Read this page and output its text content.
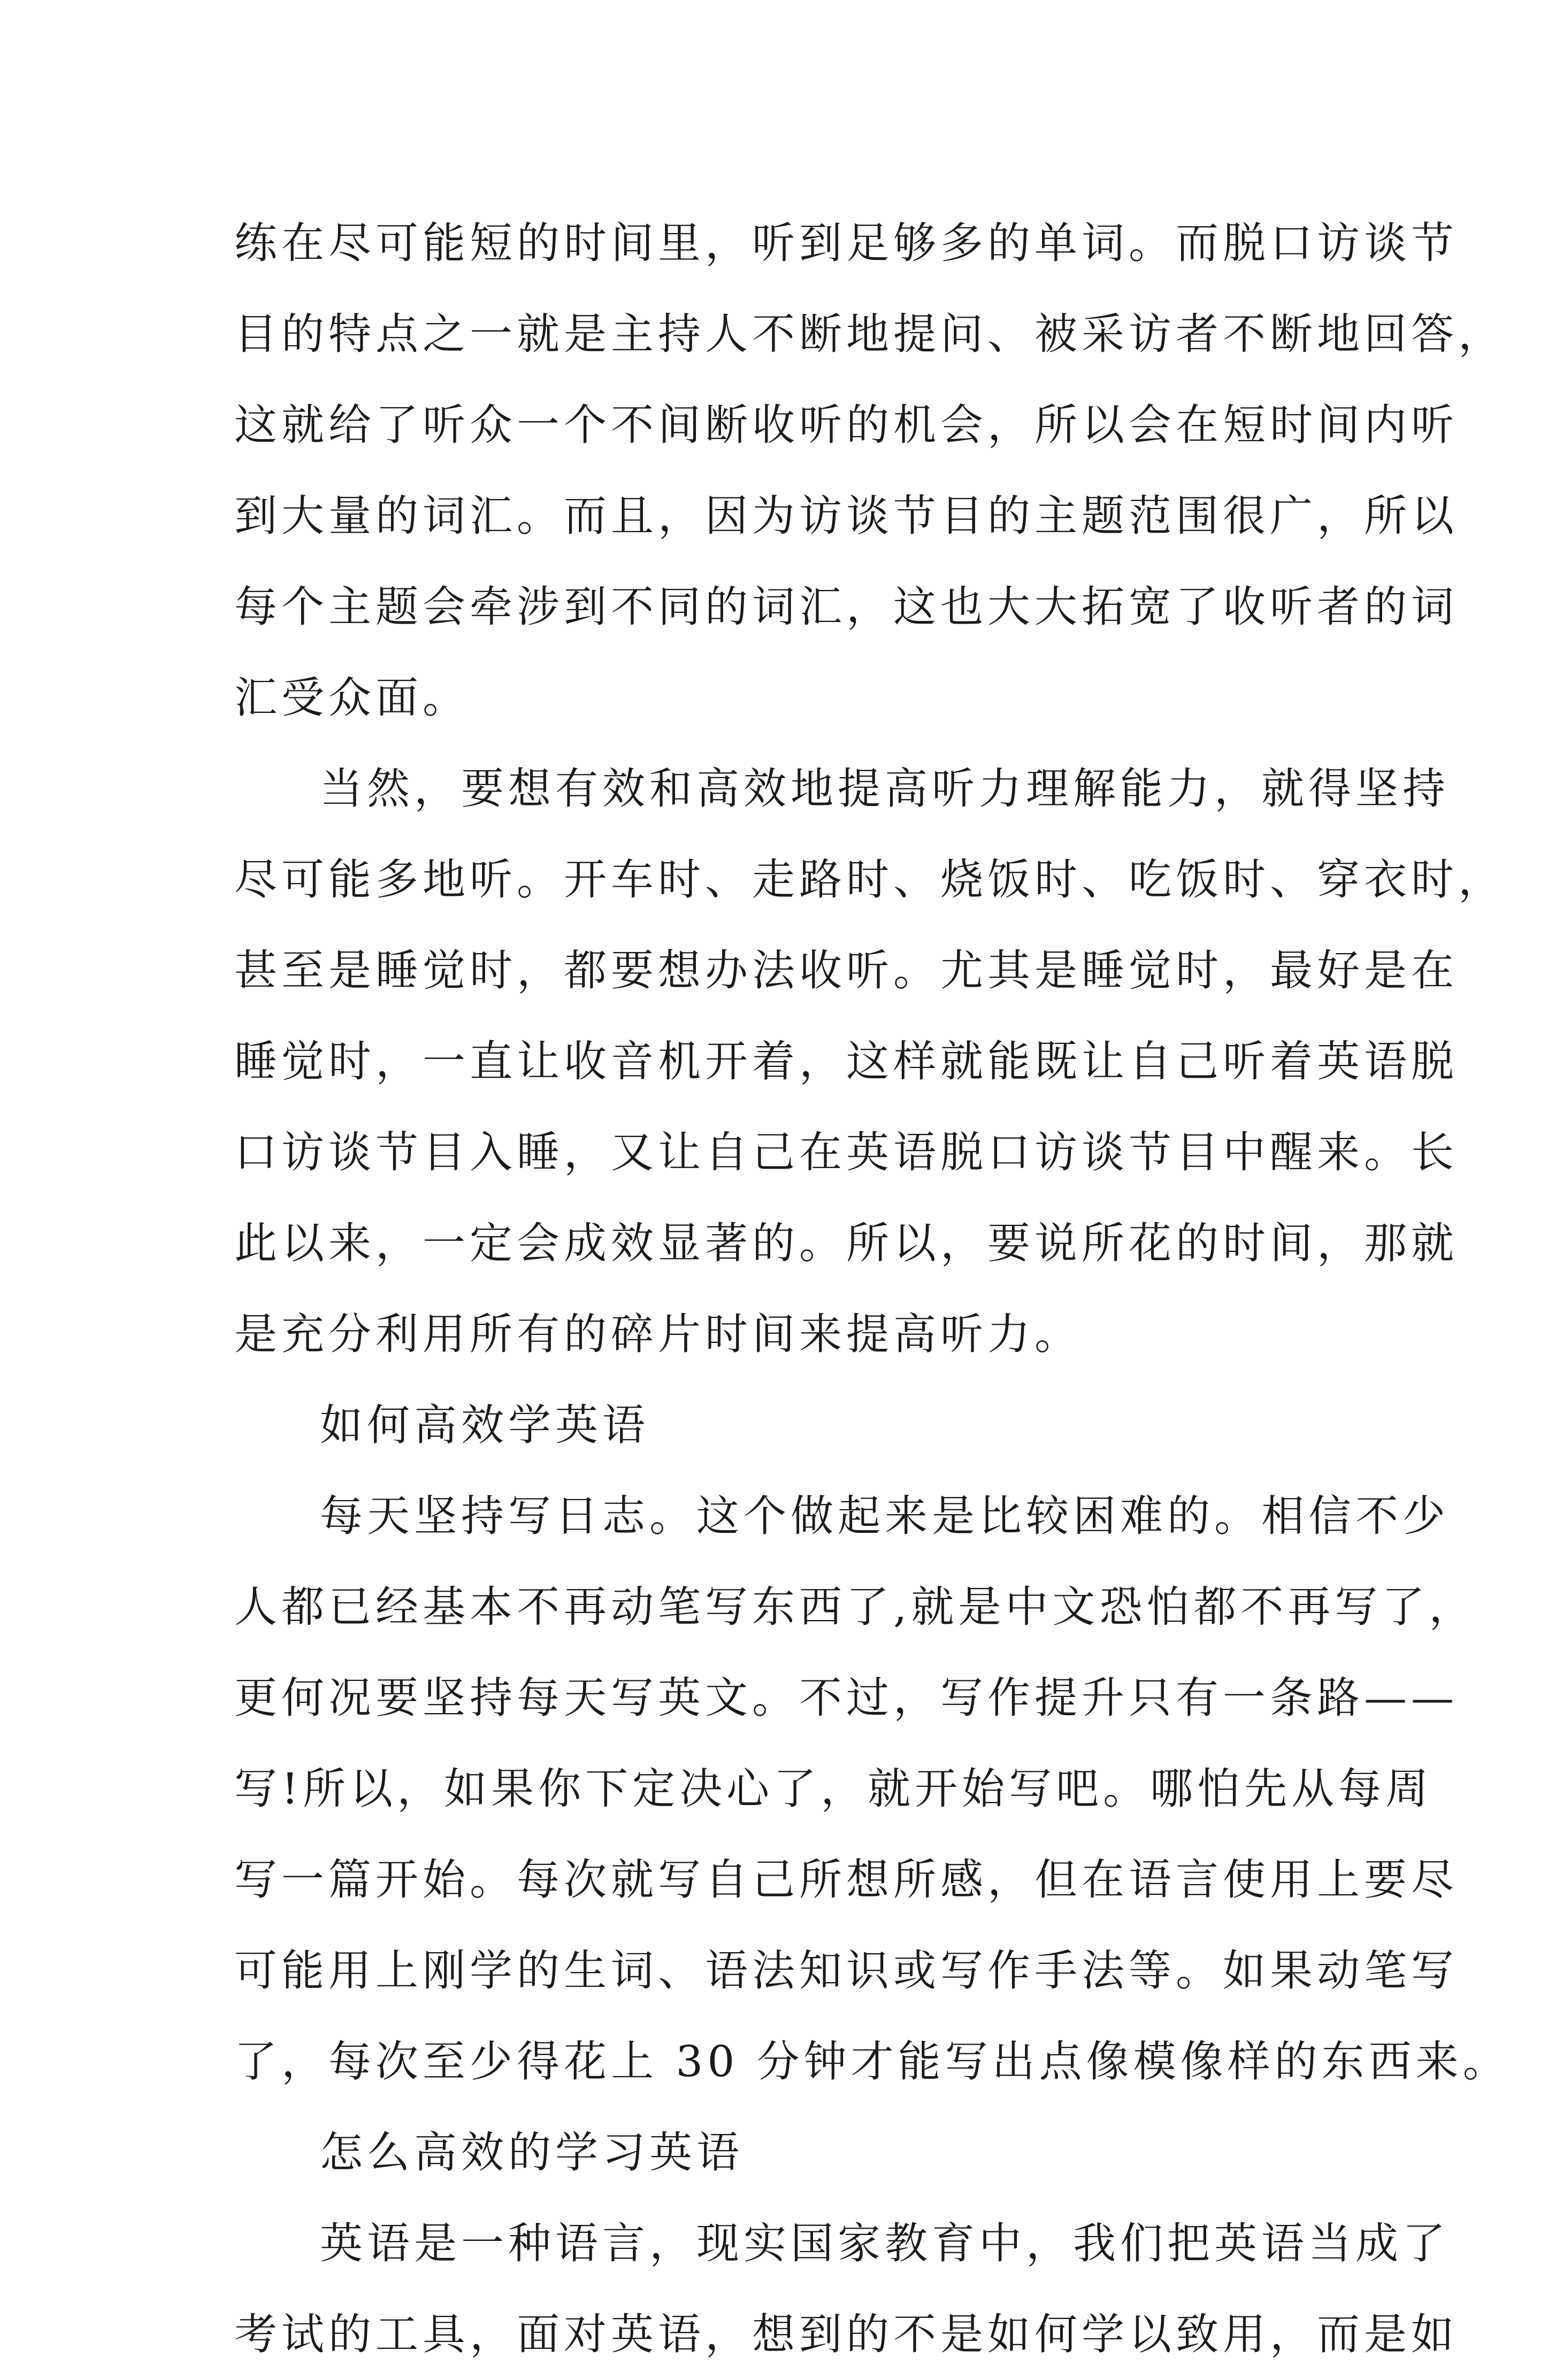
练在尽可能短的时间里，听到足够多的单词。而脱口访谈节
目的特点之一就是主持人不断地提问、被采访者不断地回答，
这就给了听众一个不间断收听的机会，所以会在短时间内听
到大量的词汇。而且，因为访谈节目的主题范围很广，所以
每个主题会牵涉到不同的词汇，这也大大拓宽了收听者的词
汇受众面。
当然，要想有效和高效地提高听力理解能力，就得坚持
尽可能多地听。开车时、走路时、烧饭时、吃饭时、穿衣时，
甚至是睡觉时，都要想办法收听。尤其是睡觉时，最好是在
睡觉时，一直让收音机开着，这样就能既让自己听着英语脱
口访谈节目入睡，又让自己在英语脱口访谈节目中醒来。长
此以来，一定会成效显著的。所以，要说所花的时间，那就
是充分利用所有的碎片时间来提高听力。
如何高效学英语
每天坚持写日志。这个做起来是比较困难的。相信不少
人都已经基本不再动笔写东西了,就是中文恐怕都不再写了，
更何况要坚持每天写英文。不过，写作提升只有一条路——
写!所以，如果你下定决心了，就开始写吧。哪怕先从每周
写一篇开始。每次就写自己所想所感，但在语言使用上要尽
可能用上刚学的生词、语法知识或写作手法等。如果动笔写
了，每次至少得花上 30 分钟才能写出点像模像样的东西来。
怎么高效的学习英语
英语是一种语言，现实国家教育中，我们把英语当成了
考试的工具，面对英语，想到的不是如何学以致用，而是如
